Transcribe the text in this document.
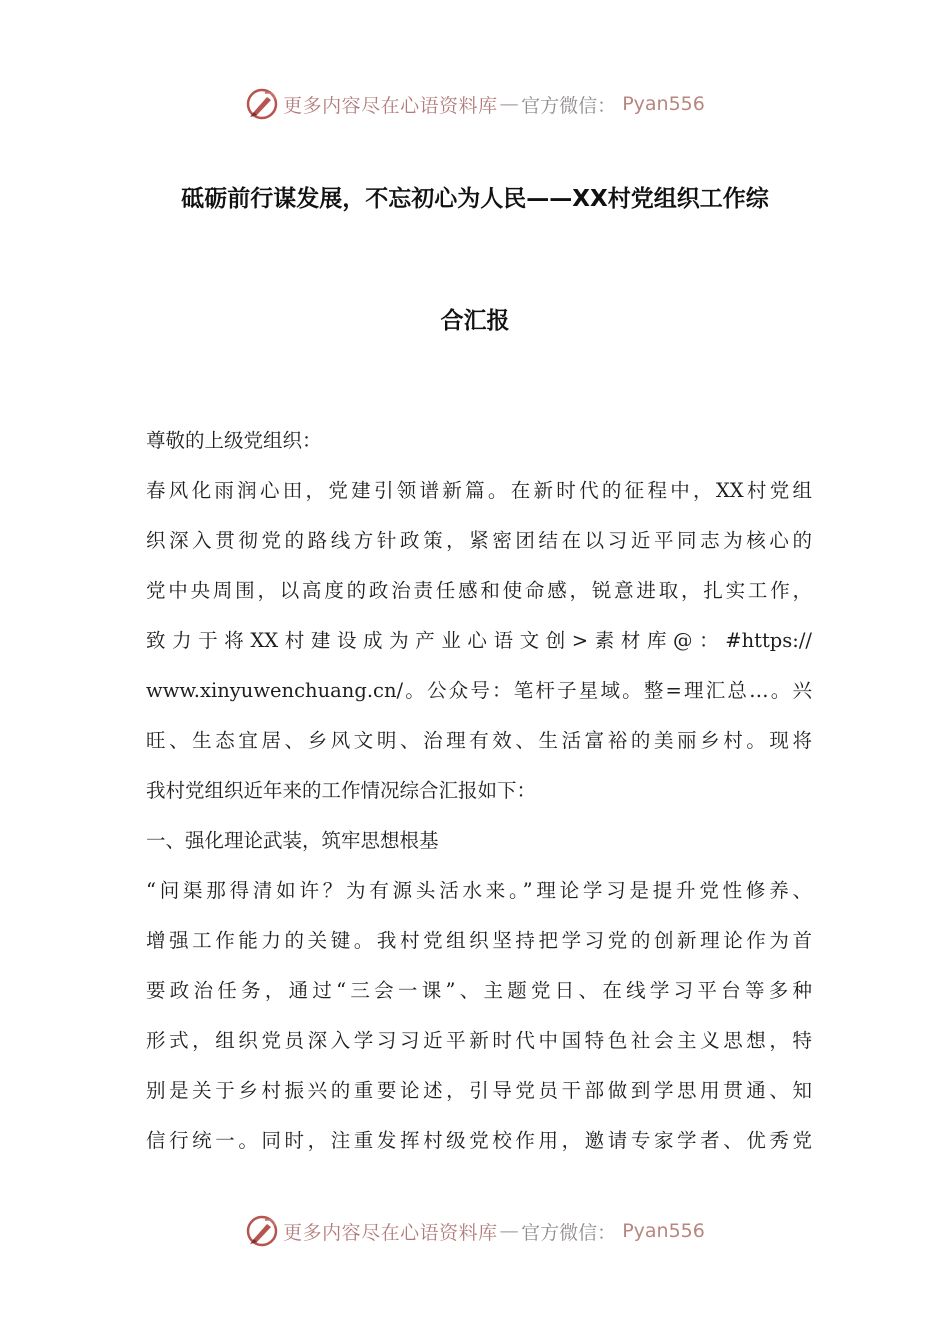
更多内容尽在心语资料库 — 官方微信： Pyan556
砥砺前行谋发展，不忘初心为人民——XX村党组织工作综
合汇报

尊敬的上级党组织：

春风化雨润心田，党建引领谱新篇。在新时代的征程中，XX村党组

织深入贯彻党的路线方针政策，紧密团结在以习近平同志为核心的

党中央周围，以高度的政治责任感和使命感，锐意进取，扎实工作，

致力于将XX村建设成为产业心语文创>素材库@：#https://

www.xinyuwenchuang.cn/。公众号：笔杆子星域。整=理汇总…。兴

旺、生态宜居、乡风文明、治理有效、生活富裕的美丽乡村。现将

我村党组织近年来的工作情况综合汇报如下：

一、强化理论武装，筑牢思想根基

“问渠那得清如许？为有源头活水来。”理论学习是提升党性修养、

增强工作能力的关键。我村党组织坚持把学习党的创新理论作为首

要政治任务，通过“三会一课”、主题党日、在线学习平台等多种

形式，组织党员深入学习习近平新时代中国特色社会主义思想，特

别是关于乡村振兴的重要论述，引导党员干部做到学思用贯通、知

信行统一。同时，注重发挥村级党校作用，邀请专家学者、优秀党

更多内容尽在心语资料库 — 官方微信： Pyan556
